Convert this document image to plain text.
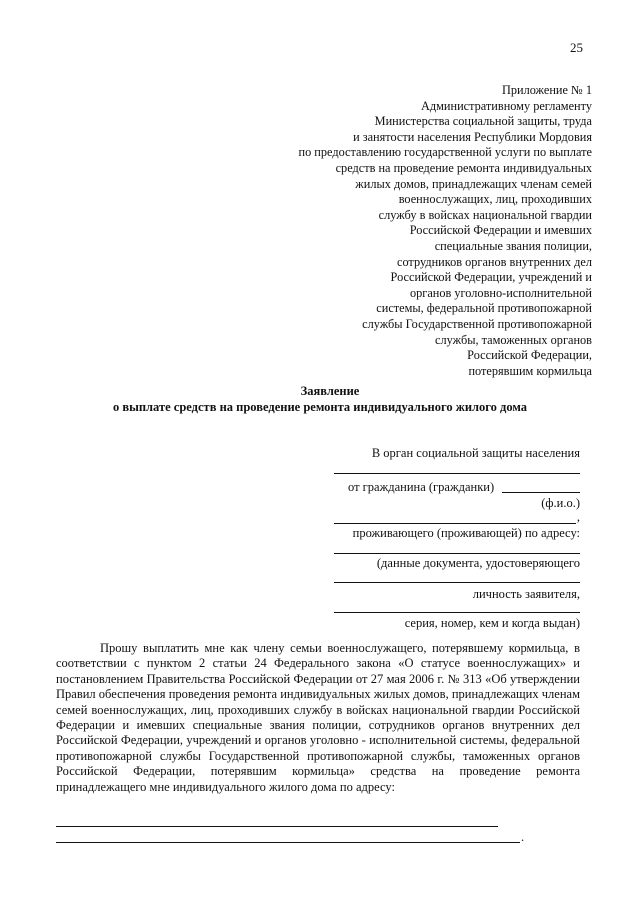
25
Приложение № 1
Административному регламенту
Министерства социальной защиты, труда
и занятости населения Республики Мордовия
по предоставлению государственной услуги по выплате
средств на проведение ремонта индивидуальных
жилых домов, принадлежащих членам семей
военнослужащих, лиц, проходивших
службу в войсках национальной гвардии
Российской Федерации и имевших
специальные звания полиции,
сотрудников органов внутренних дел
Российской Федерации, учреждений и
органов уголовно-исполнительной
системы, федеральной противопожарной
службы Государственной противопожарной
службы, таможенных органов
Российской Федерации,
потерявшим кормильца
Заявление
о выплате средств на проведение ремонта индивидуального жилого дома
В орган социальной защиты населения
от гражданина (гражданки)
(ф.и.о.)
,
проживающего (проживающей) по адресу:
(данные документа, удостоверяющего
личность заявителя,
серия, номер, кем и когда выдан)

Прошу выплатить мне как члену семьи военнослужащего, потерявшему кормильца, в соответствии с пунктом 2 статьи 24 Федерального закона «О статусе военнослужащих» и постановлением Правительства Российской Федерации от 27 мая 2006 г. № 313 «Об утверждении Правил обеспечения проведения ремонта индивидуальных жилых домов, принадлежащих членам семей военнослужащих, лиц, проходивших службу в войсках национальной гвардии Российской Федерации и имевших специальные звания полиции, сотрудников органов внутренних дел Российской Федерации, учреждений и органов уголовно - исполнительной системы, федеральной противопожарной службы Государственной противопожарной службы, таможенных органов Российской Федерации, потерявшим кормильца» средства на проведение ремонта принадлежащего мне индивидуального жилого дома по адресу:

.
